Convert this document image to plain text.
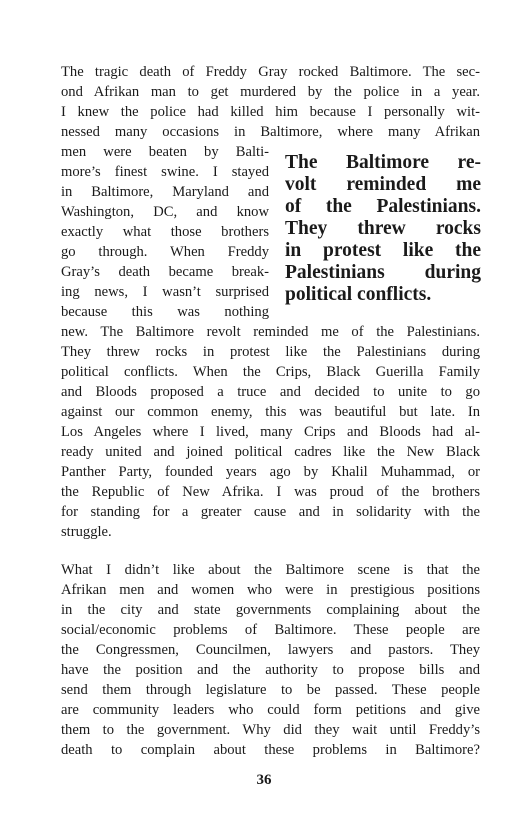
The tragic death of Freddy Gray rocked Baltimore. The sec-
ond Afrikan man to get murdered by the police in a year.
I knew the police had killed him because I personally wit-
nessed many occasions in Baltimore, where many Afrikan
men were beaten by Balti-
more’s finest swine. I stayed
in Baltimore, Maryland and
Washington, DC, and know
exactly what those brothers
go through. When Freddy
Gray’s death became break-
ing news, I wasn’t surprised
because this was nothing
new. The Baltimore revolt reminded me of the Palestinians.
They threw rocks in protest like the Palestinians during
political conflicts. When the Crips, Black Guerilla Family
and Bloods proposed a truce and decided to unite to go
against our common enemy, this was beautiful but late. In
Los Angeles where I lived, many Crips and Bloods had al-
ready united and joined political cadres like the New Black
Panther Party, founded years ago by Khalil Muhammad, or
the Republic of New Afrika. I was proud of the brothers
for standing for a greater cause and in solidarity with the
struggle.
The Baltimore re-
volt reminded me
of the Palestinians.
They threw rocks
in protest like the
Palestinians during
political conflicts.
What I didn’t like about the Baltimore scene is that the
Afrikan men and women who were in prestigious positions
in the city and state governments complaining about the
social/economic problems of Baltimore. These people are
the Congressmen, Councilmen, lawyers and pastors. They
have the position and the authority to propose bills and
send them through legislature to be passed. These people
are community leaders who could form petitions and give
them to the government. Why did they wait until Freddy’s
death to complain about these problems in Baltimore?
36
